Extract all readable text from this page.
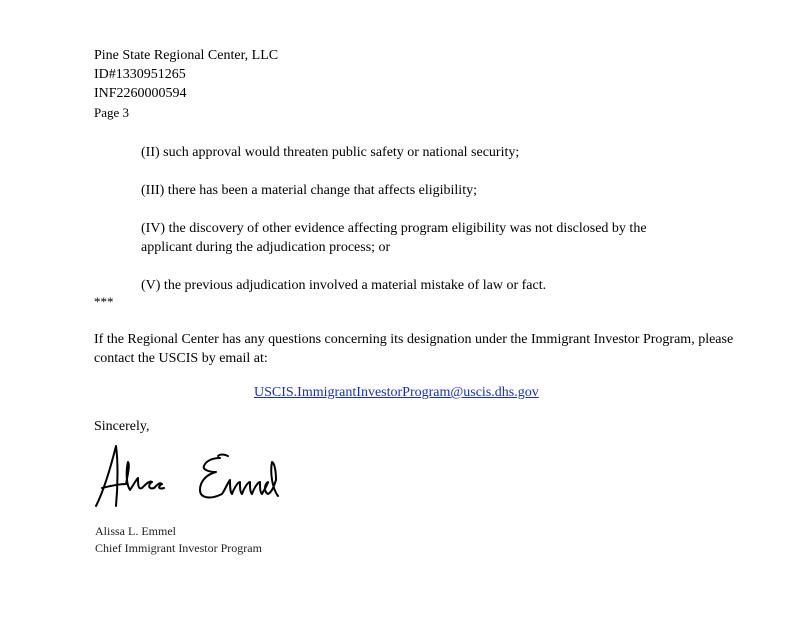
Pine State Regional Center, LLC
ID#1330951265
INF2260000594
Page 3
(II) such approval would threaten public safety or national security;
(III) there has been a material change that affects eligibility;
(IV) the discovery of other evidence affecting program eligibility was not disclosed by the applicant during the adjudication process; or
(V) the previous adjudication involved a material mistake of law or fact.
***
If the Regional Center has any questions concerning its designation under the Immigrant Investor Program, please contact the USCIS by email at:
USCIS.ImmigrantInvestorProgram@uscis.dhs.gov
Sincerely,
Alissa L. Emmel
Chief Immigrant Investor Program
